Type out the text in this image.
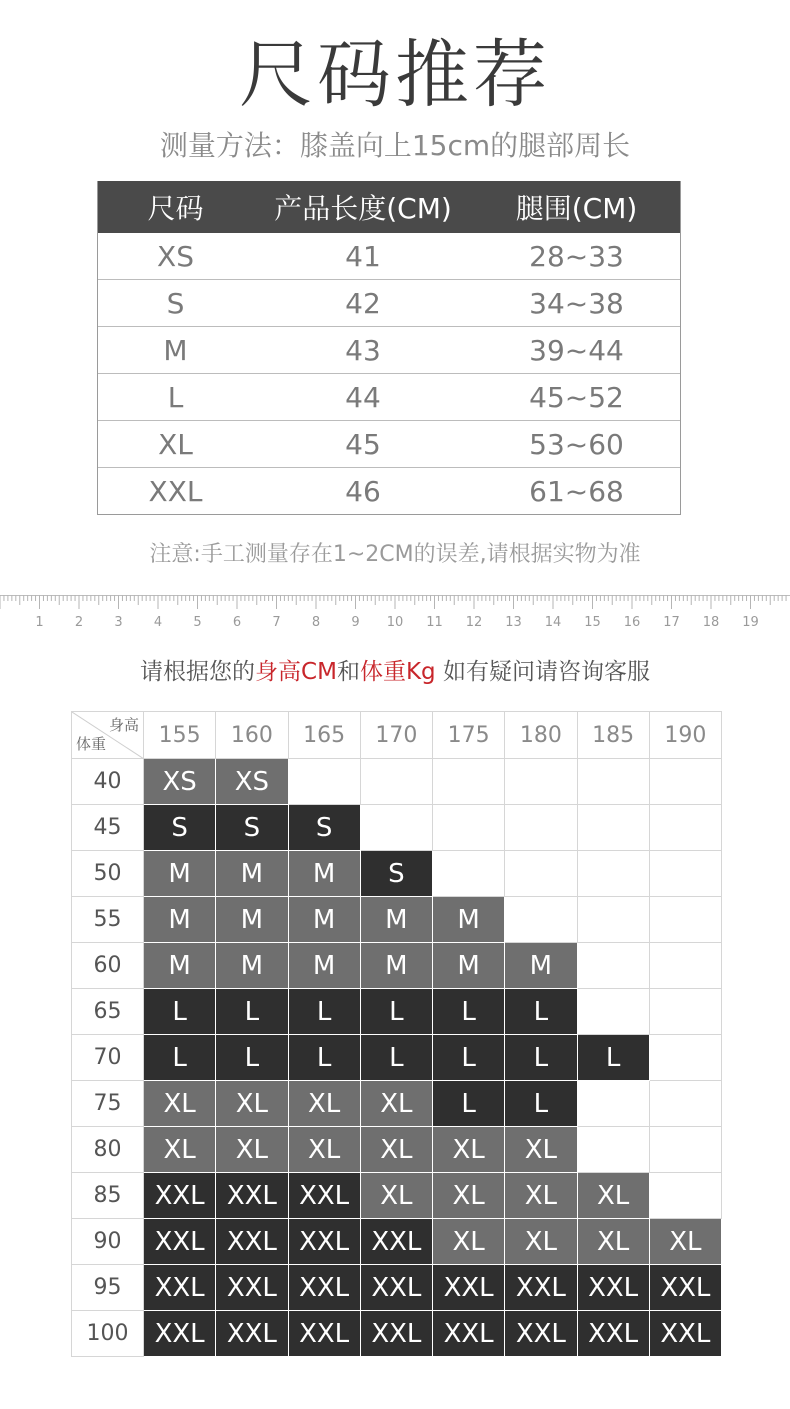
尺码推荐
测量方法：膝盖向上15cm的腿部周长
尺码	产品长度(CM)	腿围(CM)
XS	41	28~33
S	42	34~38
M	43	39~44
L	44	45~52
XL	45	53~60
XXL	46	61~68
注意:手工测量存在1~2CM的误差,请根据实物为准
1 2 3 4 5 6 7 8 9 10 11 12 13 14 15 16 17 18 19
请根据您的身高CM和体重Kg 如有疑问请咨询客服
身高
体重	155	160	165	170	175	180	185	190
40	XS	XS						
45	S	S	S					
50	M	M	M	S				
55	M	M	M	M	M			
60	M	M	M	M	M	M		
65	L	L	L	L	L	L		
70	L	L	L	L	L	L	L	
75	XL	XL	XL	XL	L	L		
80	XL	XL	XL	XL	XL	XL		
85	XXL	XXL	XXL	XL	XL	XL	XL	
90	XXL	XXL	XXL	XXL	XL	XL	XL	XL
95	XXL	XXL	XXL	XXL	XXL	XXL	XXL	XXL
100	XXL	XXL	XXL	XXL	XXL	XXL	XXL	XXL
